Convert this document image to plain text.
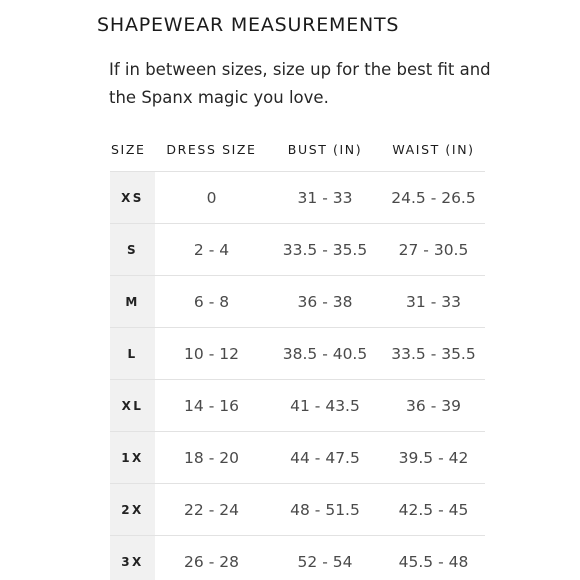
SHAPEWEAR MEASUREMENTS
If in between sizes, size up for the best fit and
the Spanx magic you love.
SIZE	DRESS SIZE	BUST (IN)	WAIST (IN)
XS	0	31 - 33	24.5 - 26.5
S	2 - 4	33.5 - 35.5	27 - 30.5
M	6 - 8	36 - 38	31 - 33
L	10 - 12	38.5 - 40.5	33.5 - 35.5
XL	14 - 16	41 - 43.5	36 - 39
1X	18 - 20	44 - 47.5	39.5 - 42
2X	22 - 24	48 - 51.5	42.5 - 45
3X	26 - 28	52 - 54	45.5 - 48
